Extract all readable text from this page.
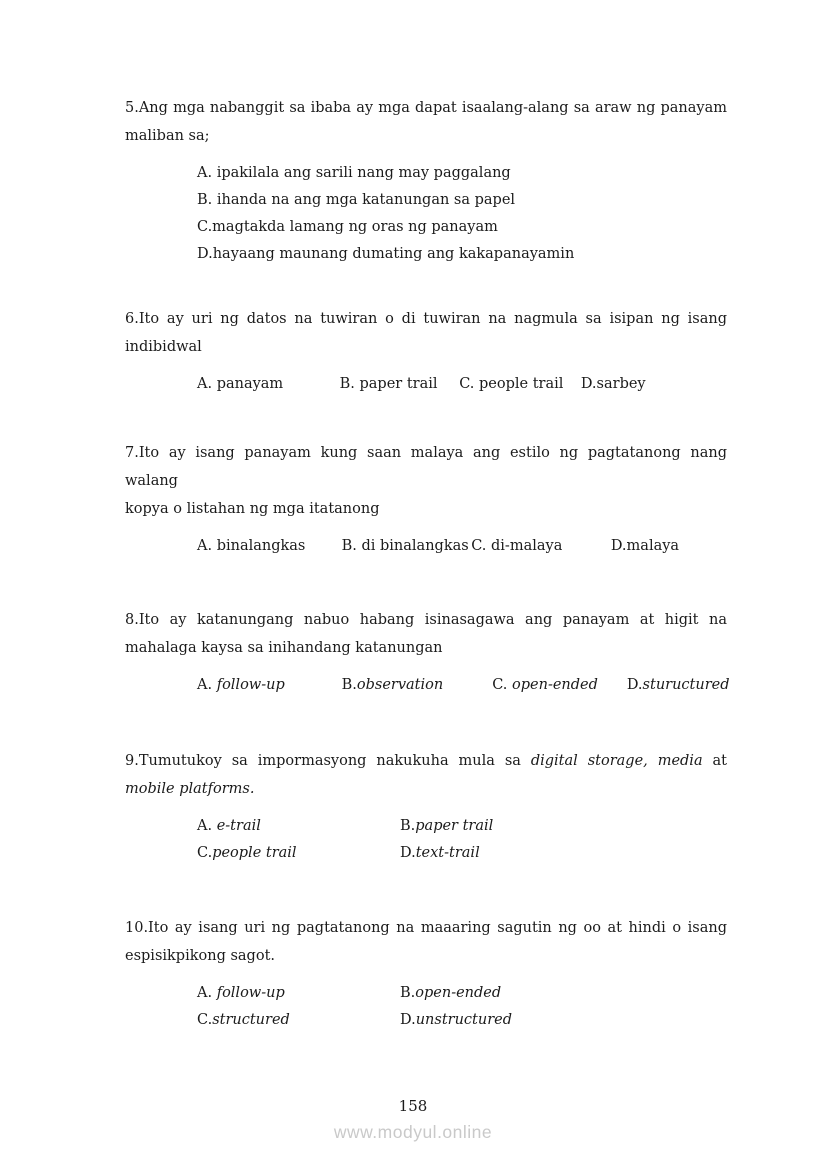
5.Ang mga nabanggit sa ibaba ay mga dapat isaalang-alang sa araw ng panayam
maliban sa;
A. ipakilala ang sarili nang may paggalang
B. ihanda na ang mga katanungan sa papel
C.magtakda lamang ng oras ng panayam
D.hayaang maunang dumating ang kakapanayamin
6.Ito ay uri ng datos na tuwiran o di tuwiran na nagmula sa isipan ng isang
indibidwal
A. panayam	B. paper trail C. people trail D.sarbey
7.Ito ay isang panayam kung saan malaya ang estilo ng pagtatanong nang walang
kopya o listahan ng mga itatanong
A. binalangkas B. di binalangkas C. di-malaya	D.malaya
8.Ito ay katanungang nabuo habang isinasagawa ang panayam at higit na
mahalaga kaysa sa inihandang katanungan
A. follow-up	B.observation	C. open-ended D.stuructured
9.Tumutukoy sa impormasyong nakukuha mula sa digital storage, media at
mobile platforms.
A. e-trail	B.paper trail
C.people trail	D.text-trail
10.Ito ay isang uri ng pagtatanong na maaaring sagutin ng oo at hindi o isang
espisikpikong sagot.
A. follow-up	B.open-ended
C.structured	D.unstructured
158
www.modyul.online
